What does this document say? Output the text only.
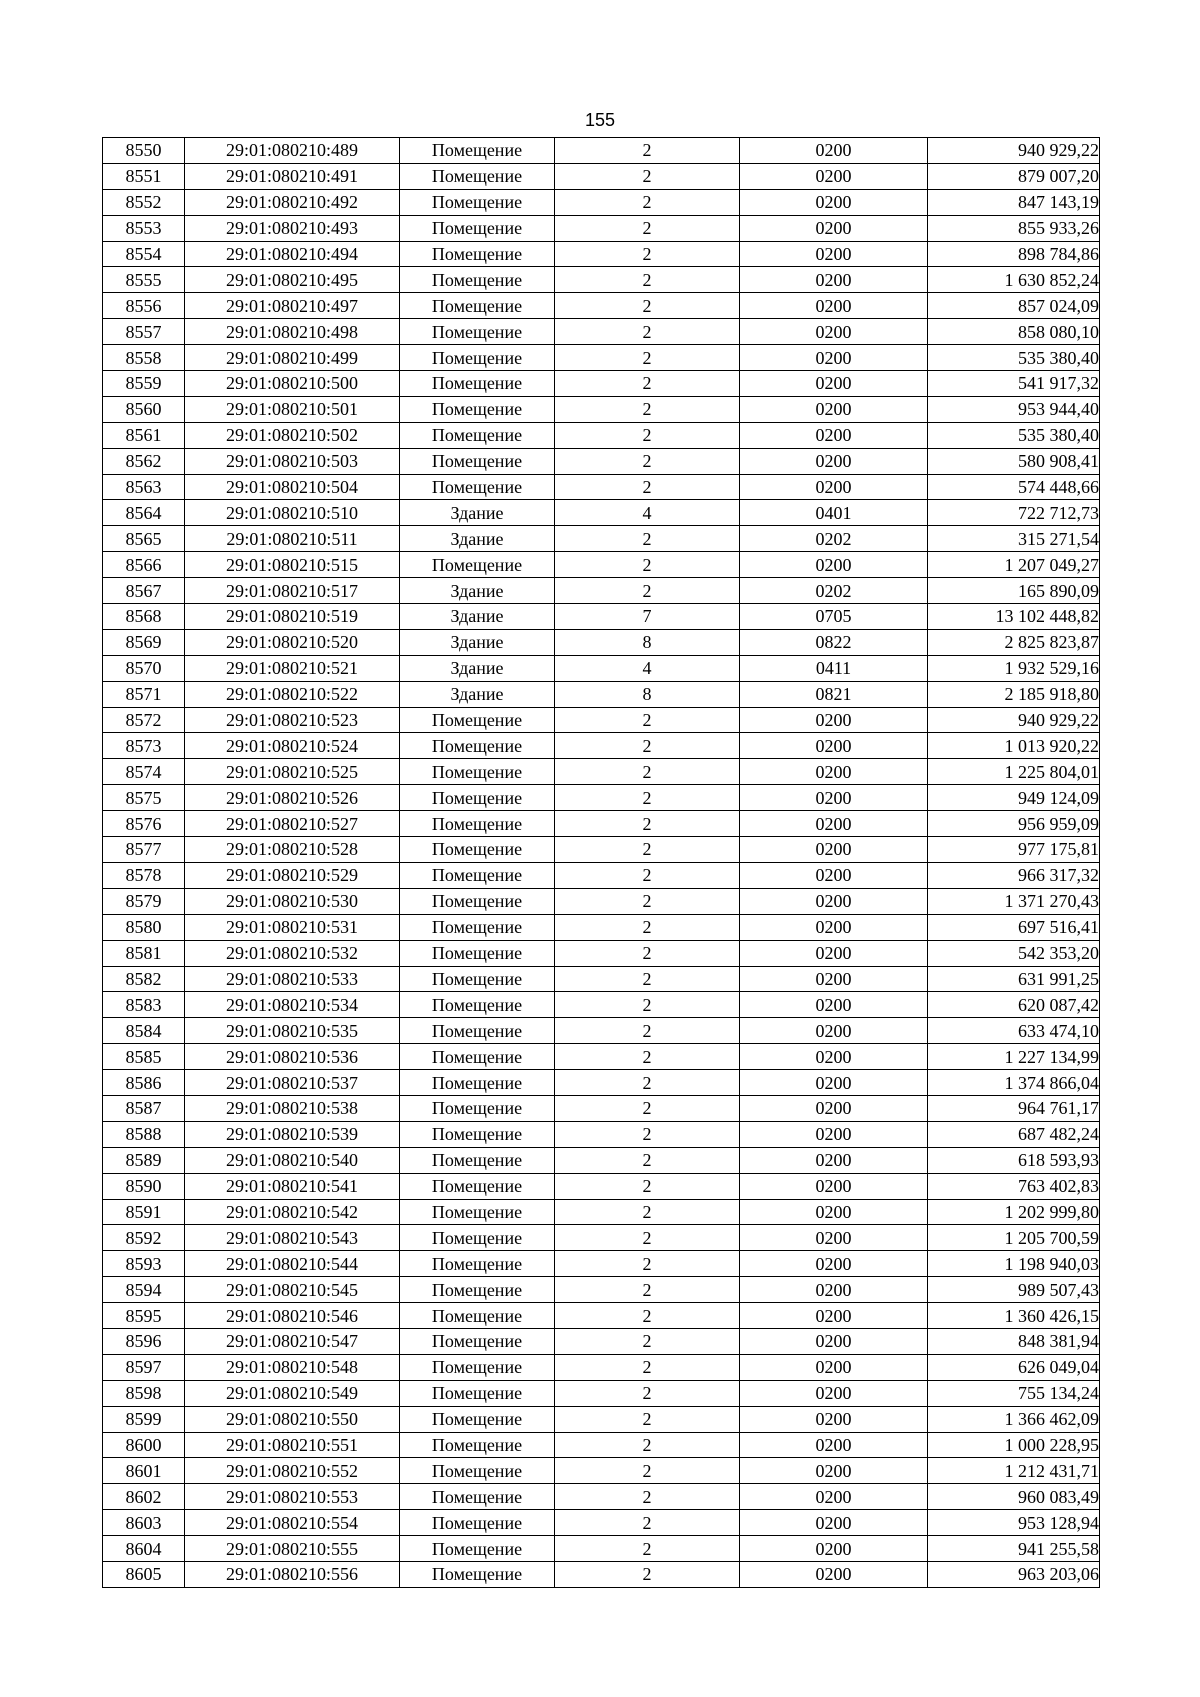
155
8550	29:01:080210:489	Помещение	2	0200	940 929,22
8551	29:01:080210:491	Помещение	2	0200	879 007,20
8552	29:01:080210:492	Помещение	2	0200	847 143,19
8553	29:01:080210:493	Помещение	2	0200	855 933,26
8554	29:01:080210:494	Помещение	2	0200	898 784,86
8555	29:01:080210:495	Помещение	2	0200	1 630 852,24
8556	29:01:080210:497	Помещение	2	0200	857 024,09
8557	29:01:080210:498	Помещение	2	0200	858 080,10
8558	29:01:080210:499	Помещение	2	0200	535 380,40
8559	29:01:080210:500	Помещение	2	0200	541 917,32
8560	29:01:080210:501	Помещение	2	0200	953 944,40
8561	29:01:080210:502	Помещение	2	0200	535 380,40
8562	29:01:080210:503	Помещение	2	0200	580 908,41
8563	29:01:080210:504	Помещение	2	0200	574 448,66
8564	29:01:080210:510	Здание	4	0401	722 712,73
8565	29:01:080210:511	Здание	2	0202	315 271,54
8566	29:01:080210:515	Помещение	2	0200	1 207 049,27
8567	29:01:080210:517	Здание	2	0202	165 890,09
8568	29:01:080210:519	Здание	7	0705	13 102 448,82
8569	29:01:080210:520	Здание	8	0822	2 825 823,87
8570	29:01:080210:521	Здание	4	0411	1 932 529,16
8571	29:01:080210:522	Здание	8	0821	2 185 918,80
8572	29:01:080210:523	Помещение	2	0200	940 929,22
8573	29:01:080210:524	Помещение	2	0200	1 013 920,22
8574	29:01:080210:525	Помещение	2	0200	1 225 804,01
8575	29:01:080210:526	Помещение	2	0200	949 124,09
8576	29:01:080210:527	Помещение	2	0200	956 959,09
8577	29:01:080210:528	Помещение	2	0200	977 175,81
8578	29:01:080210:529	Помещение	2	0200	966 317,32
8579	29:01:080210:530	Помещение	2	0200	1 371 270,43
8580	29:01:080210:531	Помещение	2	0200	697 516,41
8581	29:01:080210:532	Помещение	2	0200	542 353,20
8582	29:01:080210:533	Помещение	2	0200	631 991,25
8583	29:01:080210:534	Помещение	2	0200	620 087,42
8584	29:01:080210:535	Помещение	2	0200	633 474,10
8585	29:01:080210:536	Помещение	2	0200	1 227 134,99
8586	29:01:080210:537	Помещение	2	0200	1 374 866,04
8587	29:01:080210:538	Помещение	2	0200	964 761,17
8588	29:01:080210:539	Помещение	2	0200	687 482,24
8589	29:01:080210:540	Помещение	2	0200	618 593,93
8590	29:01:080210:541	Помещение	2	0200	763 402,83
8591	29:01:080210:542	Помещение	2	0200	1 202 999,80
8592	29:01:080210:543	Помещение	2	0200	1 205 700,59
8593	29:01:080210:544	Помещение	2	0200	1 198 940,03
8594	29:01:080210:545	Помещение	2	0200	989 507,43
8595	29:01:080210:546	Помещение	2	0200	1 360 426,15
8596	29:01:080210:547	Помещение	2	0200	848 381,94
8597	29:01:080210:548	Помещение	2	0200	626 049,04
8598	29:01:080210:549	Помещение	2	0200	755 134,24
8599	29:01:080210:550	Помещение	2	0200	1 366 462,09
8600	29:01:080210:551	Помещение	2	0200	1 000 228,95
8601	29:01:080210:552	Помещение	2	0200	1 212 431,71
8602	29:01:080210:553	Помещение	2	0200	960 083,49
8603	29:01:080210:554	Помещение	2	0200	953 128,94
8604	29:01:080210:555	Помещение	2	0200	941 255,58
8605	29:01:080210:556	Помещение	2	0200	963 203,06
